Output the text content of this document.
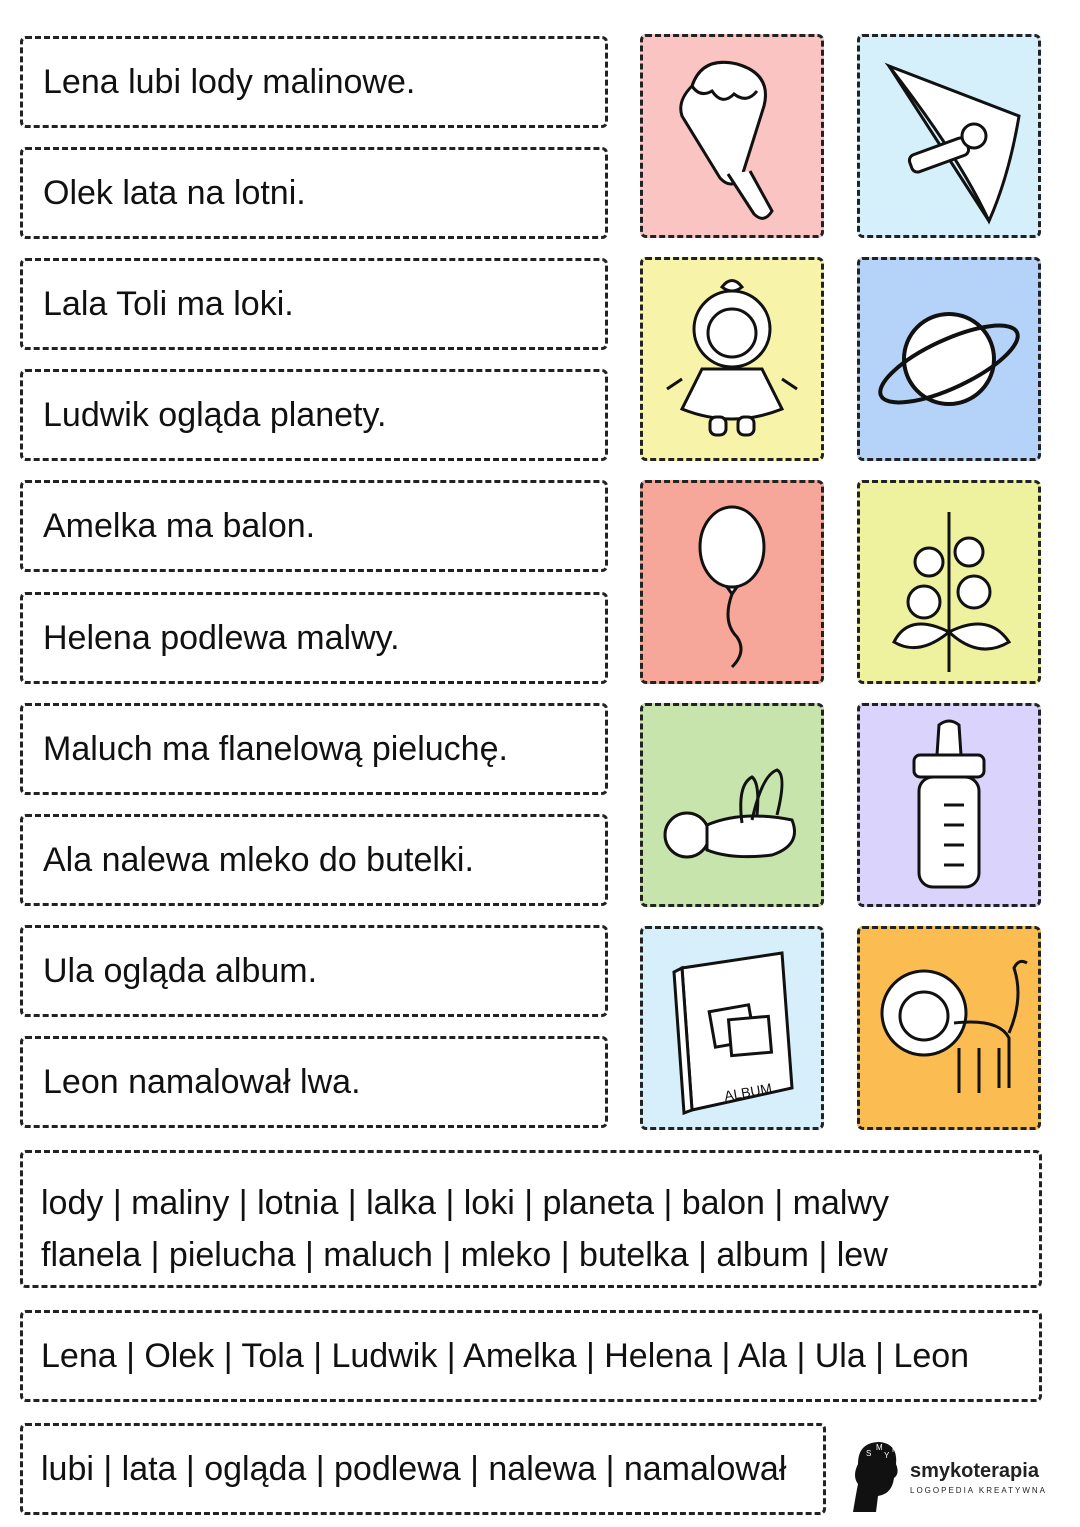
Lena lubi lody malinowe.
Olek lata na lotni.
Lala Toli ma loki.
Ludwik ogląda planety.
Amelka ma balon.
Helena podlewa malwy.
Maluch ma flanelową pieluchę.
Ala nalewa mleko do butelki.
Ula ogląda album.
Leon namalował lwa.	ALBUM
lody | maliny | lotnia | lalka | loki | planeta | balon | malwy
flanela | pielucha | maluch | mleko | butelka | album | lew
Lena | Olek | Tola | Ludwik | Amelka | Helena | Ala | Ula | Leon
lubi | lata | ogląda | podlewa | nalewa | namalował	S
M
Y
K
smykoterapia
LOGOPEDIA KREATYWNA
